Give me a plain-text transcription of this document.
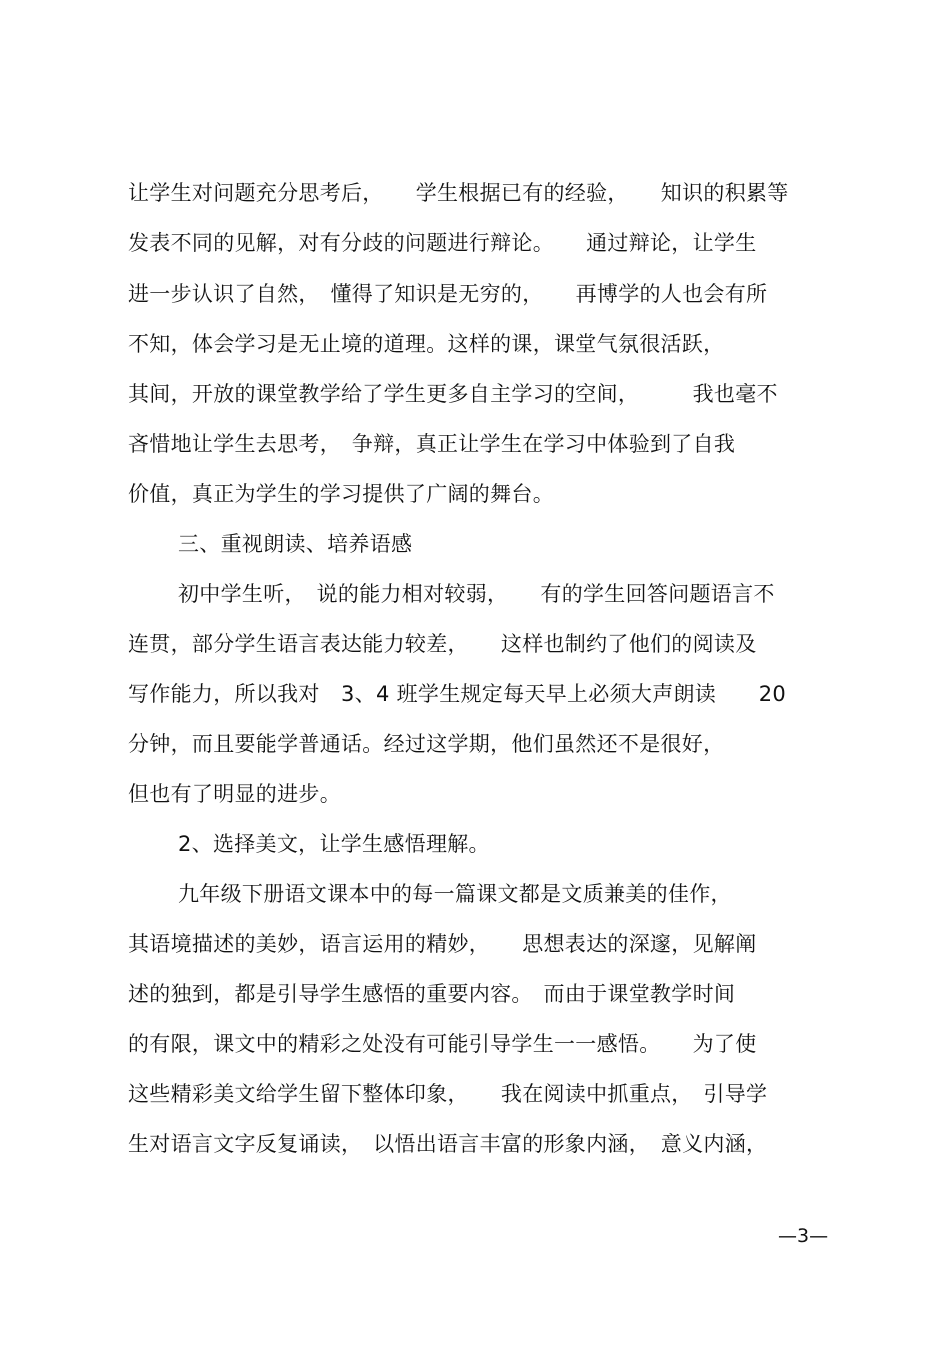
让学生对问题充分思考后，　　学生根据已有的经验，　　知识的积累等
发表不同的见解，对有分歧的问题进行辩论。　　通过辩论，让学生
进一步认识了自然，　懂得了知识是无穷的，　　再博学的人也会有所
不知，体会学习是无止境的道理。这样的课，课堂气氛很活跃，
其间，开放的课堂教学给了学生更多自主学习的空间，　　　我也毫不
吝惜地让学生去思考，　争辩，真正让学生在学习中体验到了自我
价值，真正为学生的学习提供了广阔的舞台。
三、重视朗读、培养语感
初中学生听，　说的能力相对较弱，　　有的学生回答问题语言不
连贯，部分学生语言表达能力较差，　　这样也制约了他们的阅读及
写作能力，所以我对　3、4 班学生规定每天早上必须大声朗读　　20
分钟，而且要能学普通话。经过这学期，他们虽然还不是很好，
但也有了明显的进步。
2、选择美文，让学生感悟理解。
九年级下册语文课本中的每一篇课文都是文质兼美的佳作，
其语境描述的美妙，语言运用的精妙，　　思想表达的深邃，见解阐
述的独到，都是引导学生感悟的重要内容。　而由于课堂教学时间
的有限，课文中的精彩之处没有可能引导学生一一感悟。　　为了使
这些精彩美文给学生留下整体印象，　　我在阅读中抓重点，　引导学
生对语言文字反复诵读，　以悟出语言丰富的形象内涵，　意义内涵，
—3—
